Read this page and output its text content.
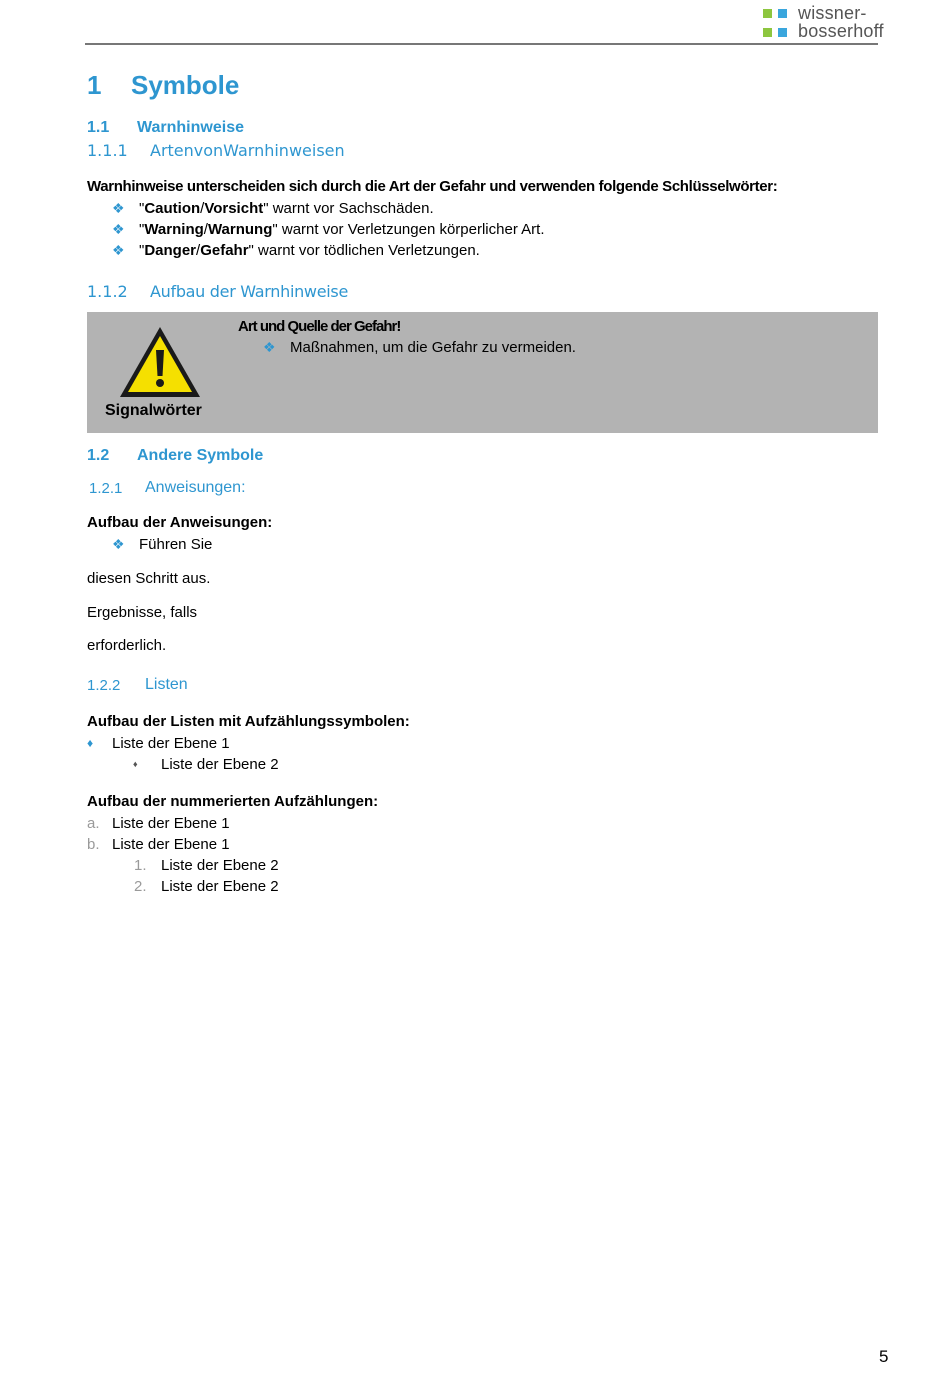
wissner-
bosserhoff
1 Symbole
1.1 Warnhinweise
1.1.1 ArtenvonWarnhinweisen
Warnhinweise unterscheiden sich durch die Art der Gefahr und verwenden folgende Schlüsselwörter:
❖ "Caution/Vorsicht" warnt vor Sachschäden.
❖ "Warning/Warnung" warnt vor Verletzungen körperlicher Art.
❖ "Danger/Gefahr" warnt vor tödlichen Verletzungen.
1.1.2 Aufbau der Warnhinweise
Signalwörter
Art und Quelle der Gefahr!
❖ Maßnahmen, um die Gefahr zu vermeiden.
1.2 Andere Symbole
1.2.1 Anweisungen:
Aufbau der Anweisungen:
❖ Führen Sie
diesen Schritt aus.
Ergebnisse, falls
erforderlich.
1.2.2 Listen
Aufbau der Listen mit Aufzählungssymbolen:
♦ Liste der Ebene 1
♦ Liste der Ebene 2
Aufbau der nummerierten Aufzählungen:
a. Liste der Ebene 1
b. Liste der Ebene 1
1. Liste der Ebene 2
2. Liste der Ebene 2
5
